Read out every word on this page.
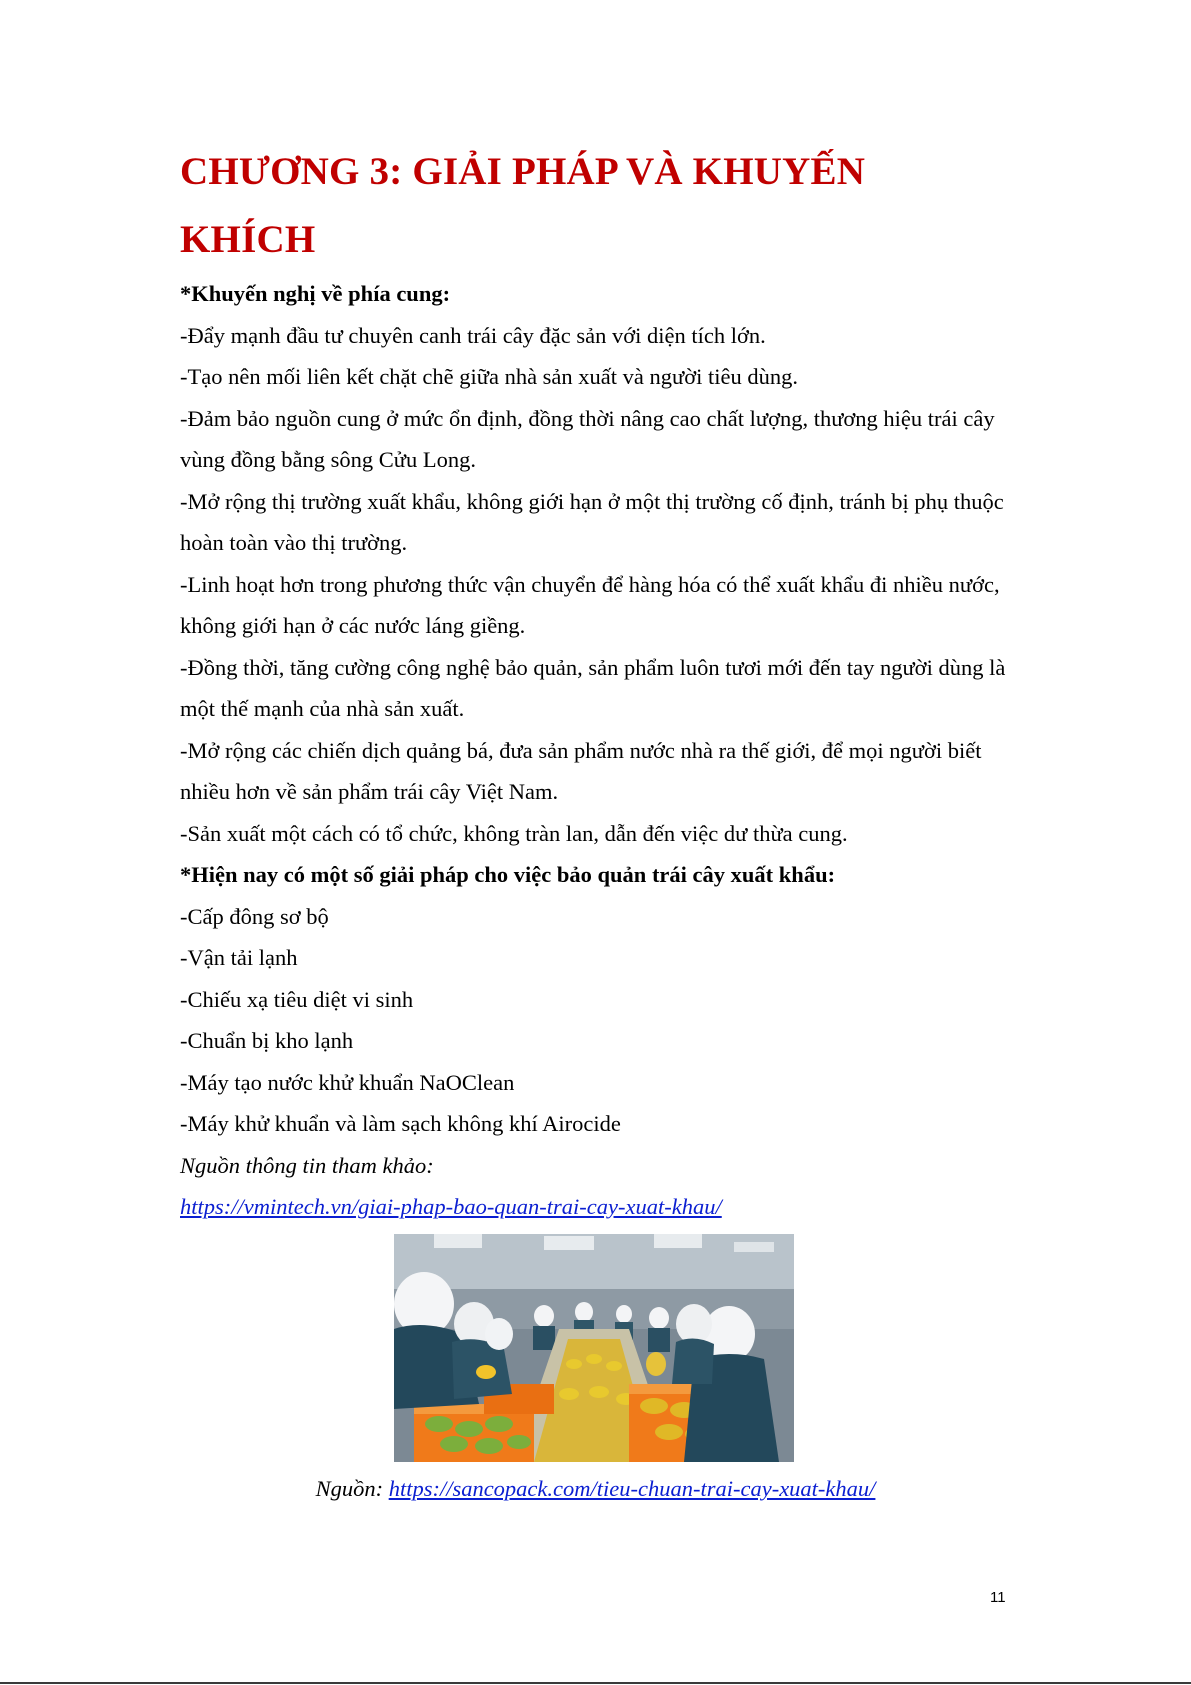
CHƯƠNG 3: GIẢI PHÁP VÀ KHUYẾN
KHÍCH

*Khuyến nghị về phía cung:

-Đẩy mạnh đầu tư chuyên canh trái cây đặc sản với diện tích lớn.

-Tạo nên mối liên kết chặt chẽ giữa nhà sản xuất và người tiêu dùng.

-Đảm bảo nguồn cung ở mức ổn định, đồng thời nâng cao chất lượng, thương hiệu trái cây vùng đồng bằng sông Cửu Long.

-Mở rộng thị trường xuất khẩu, không giới hạn ở một thị trường cố định, tránh bị phụ thuộc hoàn toàn vào thị trường.

-Linh hoạt hơn trong phương thức vận chuyển để hàng hóa có thể xuất khẩu đi nhiều nước, không giới hạn ở các nước láng giềng.

-Đồng thời, tăng cường công nghệ bảo quản, sản phẩm luôn tươi mới đến tay người dùng là một thế mạnh của nhà sản xuất.

-Mở rộng các chiến dịch quảng bá, đưa sản phẩm nước nhà ra thế giới, để mọi người biết nhiều hơn về sản phẩm trái cây Việt Nam.

-Sản xuất một cách có tổ chức, không tràn lan, dẫn đến việc dư thừa cung.

*Hiện nay có một số giải pháp cho việc bảo quản trái cây xuất khẩu:

-Cấp đông sơ bộ

-Vận tải lạnh

-Chiếu xạ tiêu diệt vi sinh

-Chuẩn bị kho lạnh

-Máy tạo nước khử khuẩn NaOClean

-Máy khử khuẩn và làm sạch không khí Airocide

Nguồn thông tin tham khảo:

https://vmintech.vn/giai-phap-bao-quan-trai-cay-xuat-khau/

Nguồn: https://sancopack.com/tieu-chuan-trai-cay-xuat-khau/
11
